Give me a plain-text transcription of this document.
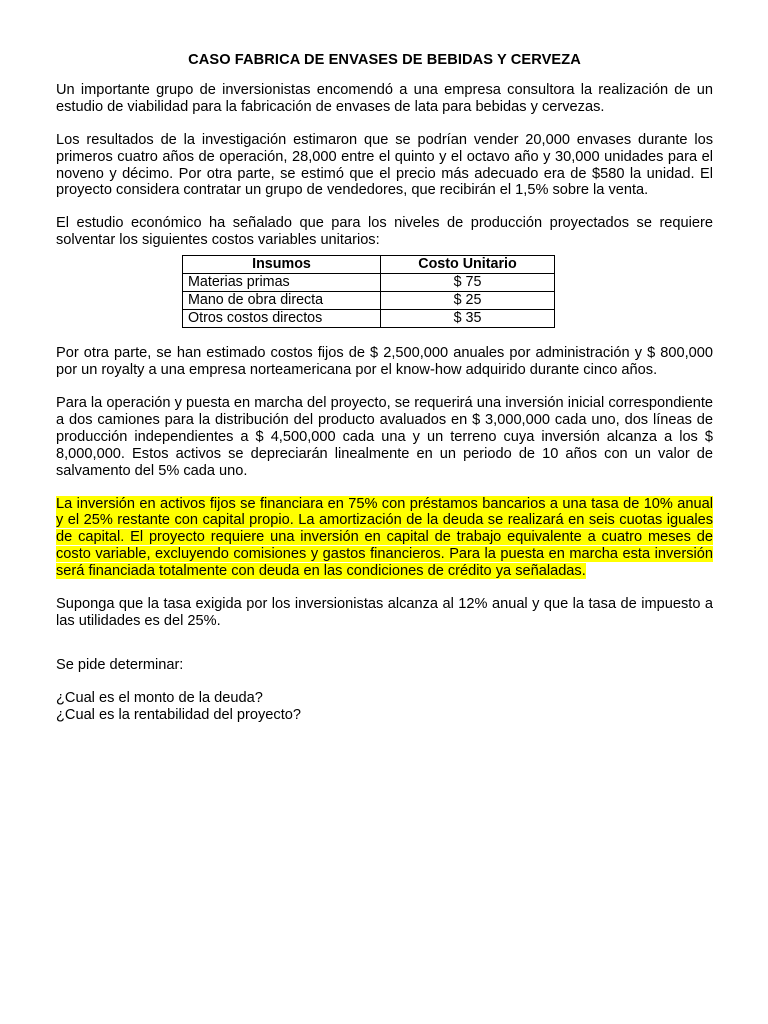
CASO FABRICA DE ENVASES DE BEBIDAS Y CERVEZA

Un importante grupo de inversionistas encomendó a una empresa consultora la realización de un estudio de viabilidad para la fabricación de envases de lata para bebidas y cervezas.

Los resultados de la investigación estimaron que se podrían vender 20,000 envases durante los primeros cuatro años de operación, 28,000 entre el quinto y el octavo año y 30,000 unidades para el noveno y décimo. Por otra parte, se estimó que el precio más adecuado era de $580 la unidad. El proyecto considera contratar un grupo de vendedores, que recibirán el 1,5% sobre la venta.

El estudio económico ha señalado que para los niveles de producción proyectados se requiere solventar los siguientes costos variables unitarios:

Insumos	Costo Unitario
Materias primas	$ 75
Mano de obra directa	$ 25
Otros costos directos	$ 35

Por otra parte, se han estimado costos fijos de $ 2,500,000 anuales por administración y $ 800,000 por un royalty a una empresa norteamericana por el know-how adquirido durante cinco años.

Para la operación y puesta en marcha del proyecto, se requerirá una inversión inicial correspondiente a dos camiones para la distribución del producto avaluados en $ 3,000,000 cada uno, dos líneas de producción independientes a $ 4,500,000 cada una y un terreno cuya inversión alcanza a los $ 8,000,000. Estos activos se depreciarán linealmente en un periodo de 10 años con un valor de salvamento del 5% cada uno.

La inversión en activos fijos se financiara en 75% con préstamos bancarios a una tasa de 10% anual y el 25% restante con capital propio. La amortización de la deuda se realizará en seis cuotas iguales de capital. El proyecto requiere una inversión en capital de trabajo equivalente a cuatro meses de costo variable, excluyendo comisiones y gastos financieros. Para la puesta en marcha esta inversión será financiada totalmente con deuda en las condiciones de crédito ya señaladas.

Suponga que la tasa exigida por los inversionistas alcanza al 12% anual y que la tasa de impuesto a las utilidades es del 25%.

Se pide determinar:

¿Cual es el monto de la deuda?

¿Cual es la rentabilidad del proyecto?
